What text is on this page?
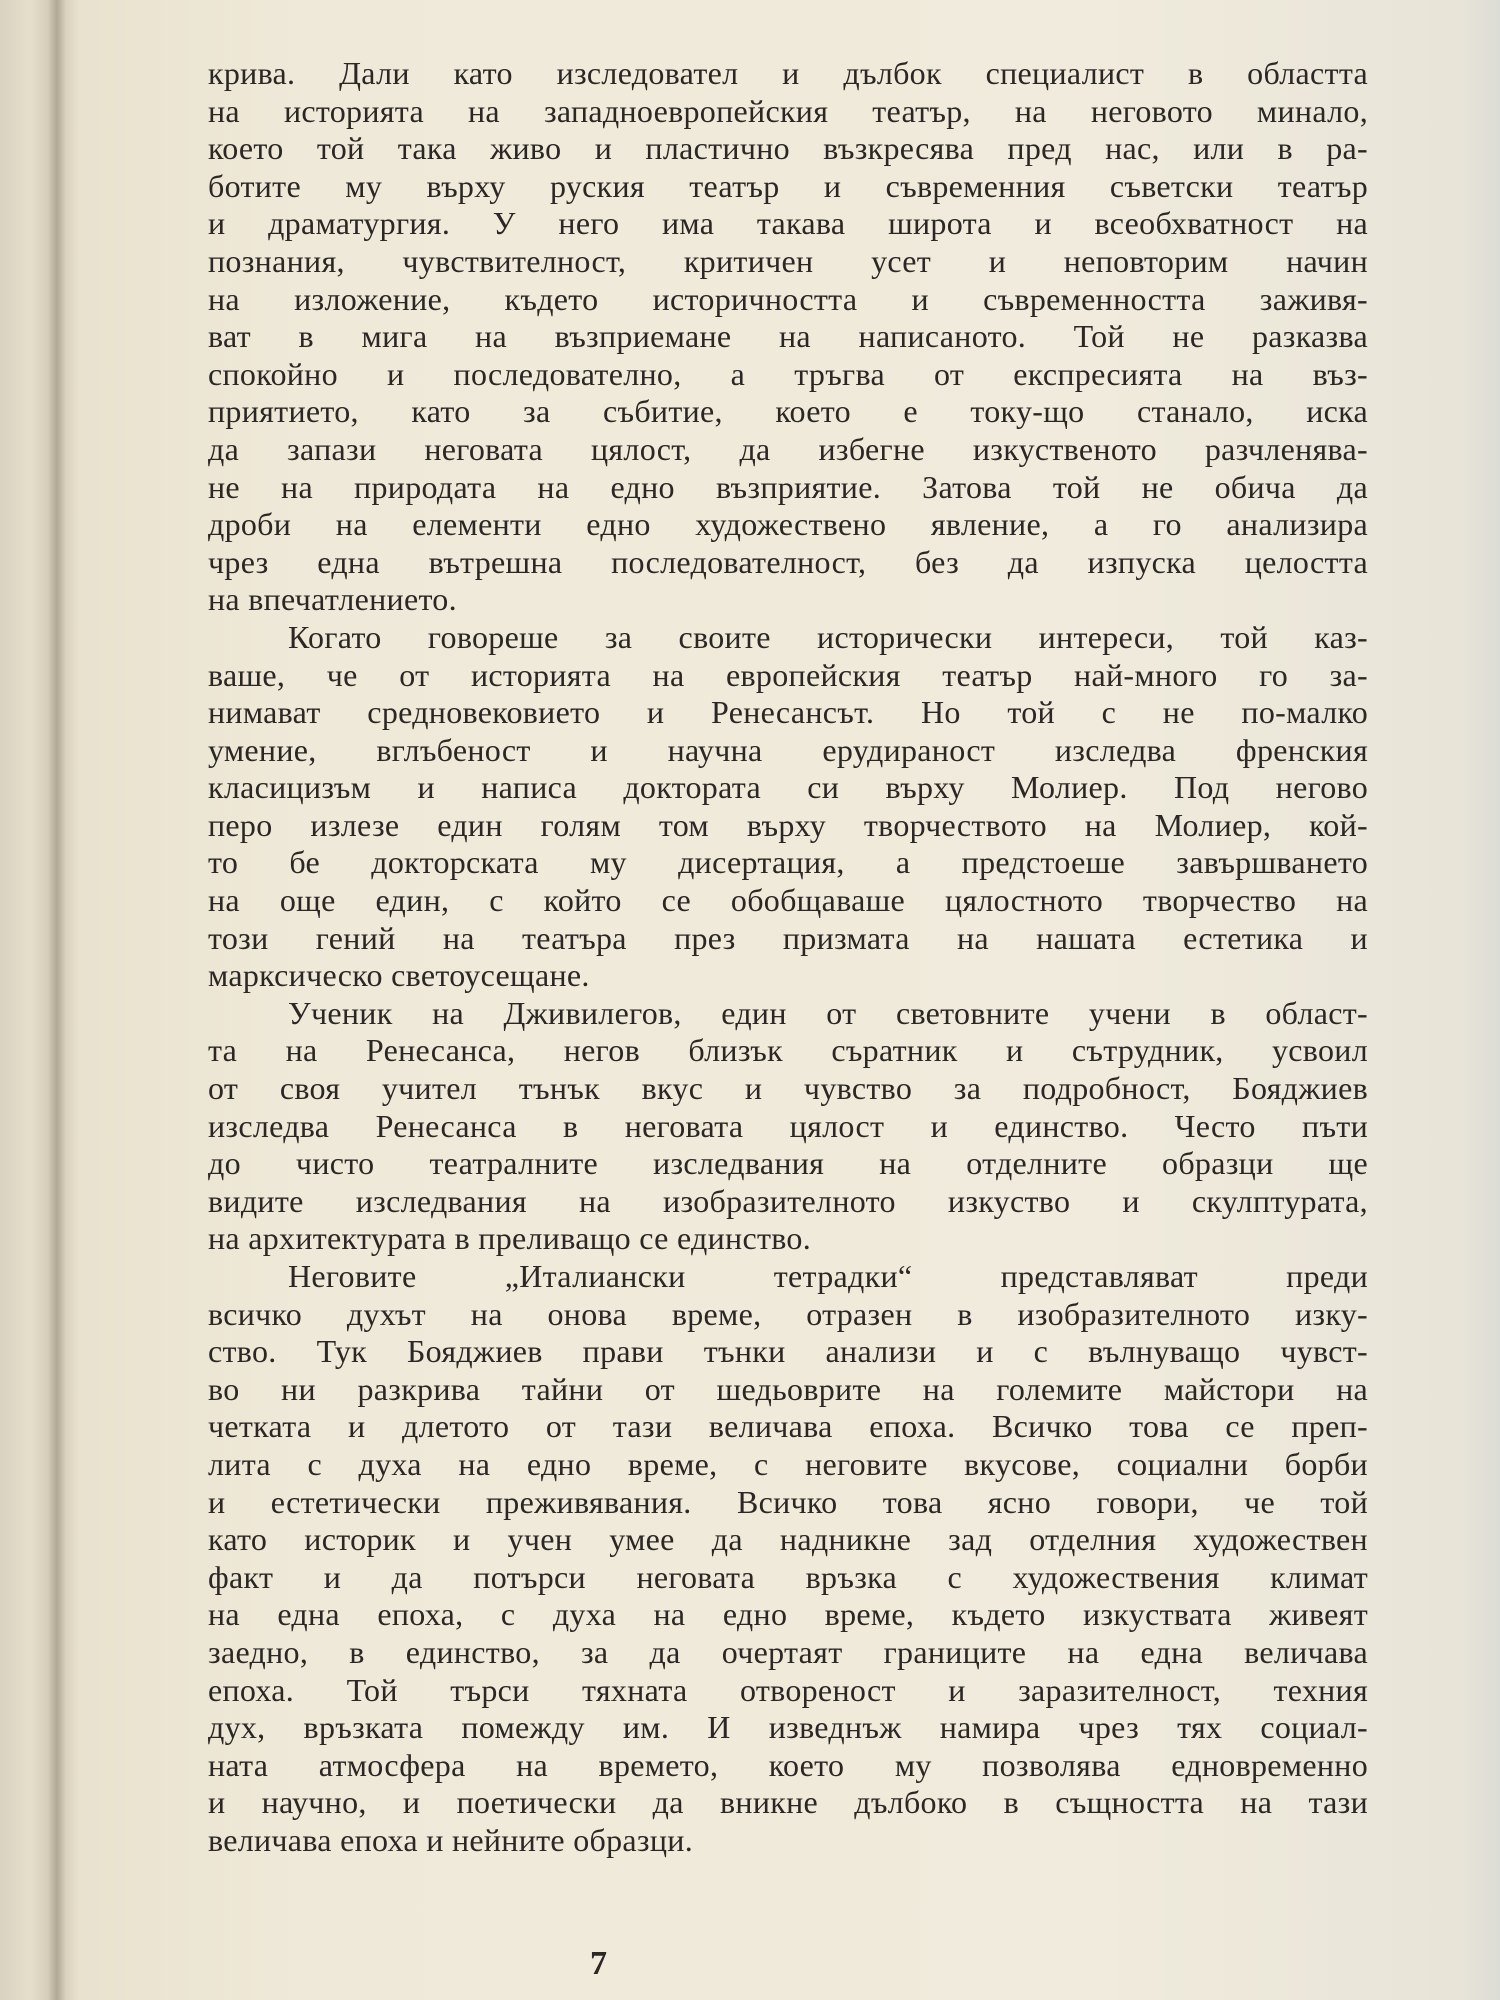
крива. Дали като изследовател и дълбок специалист в областта
на историята на западноевропейския театър, на неговото минало,
което той така живо и пластично възкресява пред нас, или в ра-
ботите му върху руския театър и съвременния съветски театър
и драматургия. У него има такава широта и всеобхватност на
познания, чувствителност, критичен усет и неповторим начин
на изложение, където историчността и съвременността заживя-
ват в мига на възприемане на написаното. Той не разказва
спокойно и последователно, а тръгва от експресията на въз-
приятието, като за събитие, което е току-що станало, иска
да запази неговата цялост, да избегне изкуственото разчленява-
не на природата на едно възприятие. Затова той не обича да
дроби на елементи едно художествено явление, а го анализира
чрез една вътрешна последователност, без да изпуска целостта
на впечатлението.
Когато говореше за своите исторически интереси, той каз-
ваше, че от историята на европейския театър най-много го за-
нимават средновековието и Ренесансът. Но той с не по-малко
умение, вглъбеност и научна ерудираност изследва френския
класицизъм и написа доктората си върху Молиер. Под негово
перо излезе един голям том върху творчеството на Молиер, кой-
то бе докторската му дисертация, а предстоеше завършването
на още един, с който се обобщаваше цялостното творчество на
този гений на театъра през призмата на нашата естетика и
марксическо светоусещане.
Ученик на Дживилегов, един от световните учени в област-
та на Ренесанса, негов близък съратник и сътрудник, усвоил
от своя учител тънък вкус и чувство за подробност, Бояджиев
изследва Ренесанса в неговата цялост и единство. Често пъти
до чисто театралните изследвания на отделните образци ще
видите изследвания на изобразителното изкуство и скулптурата,
на архитектурата в преливащо се единство.
Неговите „Италиански тетрадки“ представляват преди
всичко духът на онова време, отразен в изобразителното изку-
ство. Тук Бояджиев прави тънки анализи и с вълнуващо чувст-
во ни разкрива тайни от шедьоврите на големите майстори на
четката и длетото от тази величава епоха. Всичко това се преп-
лита с духа на едно време, с неговите вкусове, социални борби
и естетически преживявания. Всичко това ясно говори, че той
като историк и учен умее да надникне зад отделния художествен
факт и да потърси неговата връзка с художествения климат
на една епоха, с духа на едно време, където изкуствата живеят
заедно, в единство, за да очертаят границите на една величава
епоха. Той търси тяхната отвореност и заразителност, техния
дух, връзката помежду им. И изведнъж намира чрез тях социал-
ната атмосфера на времето, което му позволява едновременно
и научно, и поетически да вникне дълбоко в същността на тази
величава епоха и нейните образци.
7
